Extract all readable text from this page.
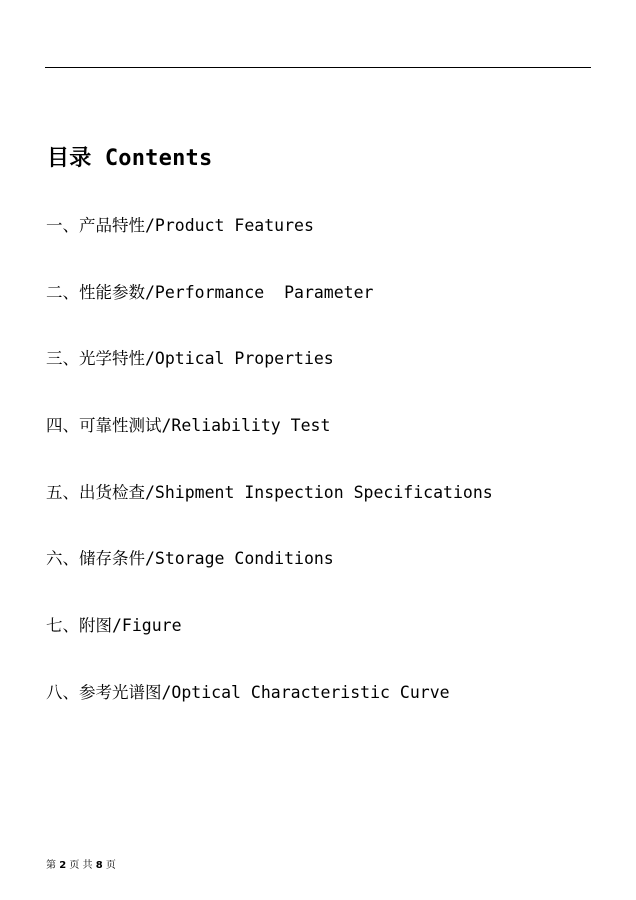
目录 Contents
一、产品特性/Product Features
二、性能参数/Performance  Parameter
三、光学特性/Optical Properties
四、可靠性测试/Reliability Test
五、出货检查/Shipment Inspection Specifications
六、储存条件/Storage Conditions
七、附图/Figure
八、参考光谱图/Optical Characteristic Curve
第 2 页 共 8 页
